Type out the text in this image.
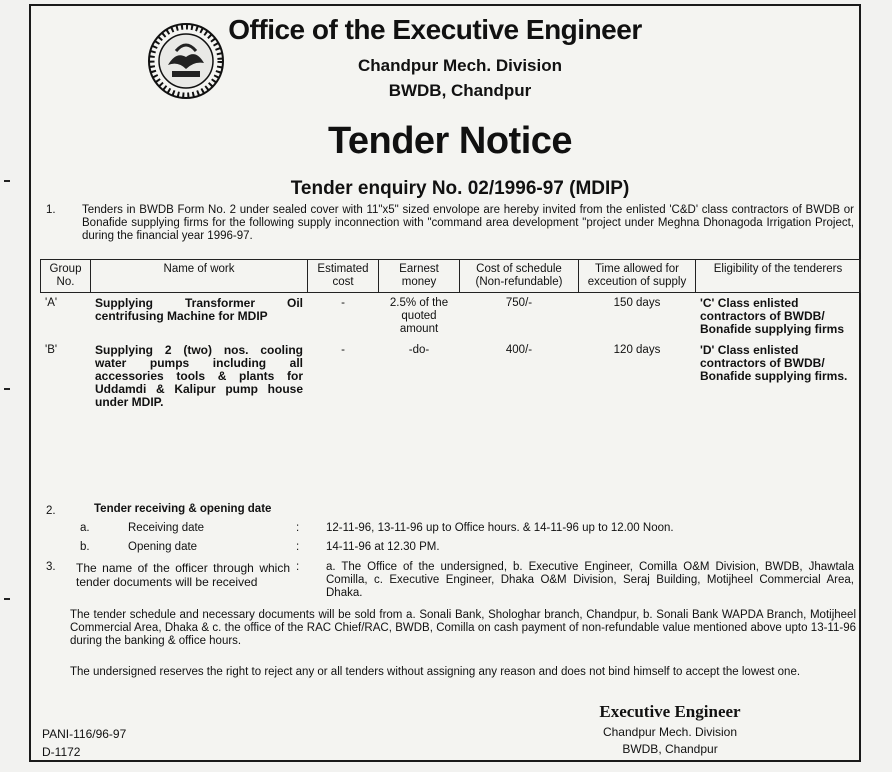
Office of the Executive Engineer
Chandpur Mech. Division
BWDB, Chandpur
Tender Notice
Tender enquiry No. 02/1996-97 (MDIP)
1. Tenders in BWDB Form No. 2 under sealed cover with 11"x5" sized envolope are hereby invited from the enlisted 'C&D' class contractors of BWDB or Bonafide supplying firms for the following supply inconnection with "command area development "project under Meghna Dhonagoda Irrigation Project, during the financial year 1996-97.
Group No.	Name of work	Estimated cost	Earnest money	Cost of schedule (Non-refundable)	Time allowed for exceution of supply	Eligibility of the tenderers
'A'	Supplying Transformer Oil centrifusing Machine for MDIP	-	2.5% of the quoted amount	750/-	150 days	'C' Class enlisted contractors of BWDB/ Bonafide supplying firms
'B'	Supplying 2 (two) nos. cooling water pumps including all accessories tools & plants for Uddamdi & Kalipur pump house under MDIP.	-	-do-	400/-	120 days	'D' Class enlisted contractors of BWDB/ Bonafide supplying firms.
2.	Tender receiving & opening date
a.	Receiving date	: 12-11-96, 13-11-96 up to Office hours. & 14-11-96 up to 12.00 Noon.
b.	Opening date	: 14-11-96 at 12.30 PM.
3. The name of the officer through which tender documents will be received
: a. The Office of the undersigned, b. Executive Engineer, Comilla O&M Division, BWDB, Jhawtala Comilla, c. Executive Engineer, Dhaka O&M Division, Seraj Building, Motijheel Commercial Area, Dhaka.
The tender schedule and necessary documents will be sold from a. Sonali Bank, Shologhar branch, Chandpur, b. Sonali Bank WAPDA Branch, Motijheel Commercial Area, Dhaka & c. the office of the RAC Chief/RAC, BWDB, Comilla on cash payment of non-refundable value mentioned above upto 13-11-96 during the banking & office hours.
The undersigned reserves the right to reject any or all tenders without assigning any reason and does not bind himself to accept the lowest one.
Executive Engineer
Chandpur Mech. Division
BWDB, Chandpur
PANI-116/96-97
D-1172
